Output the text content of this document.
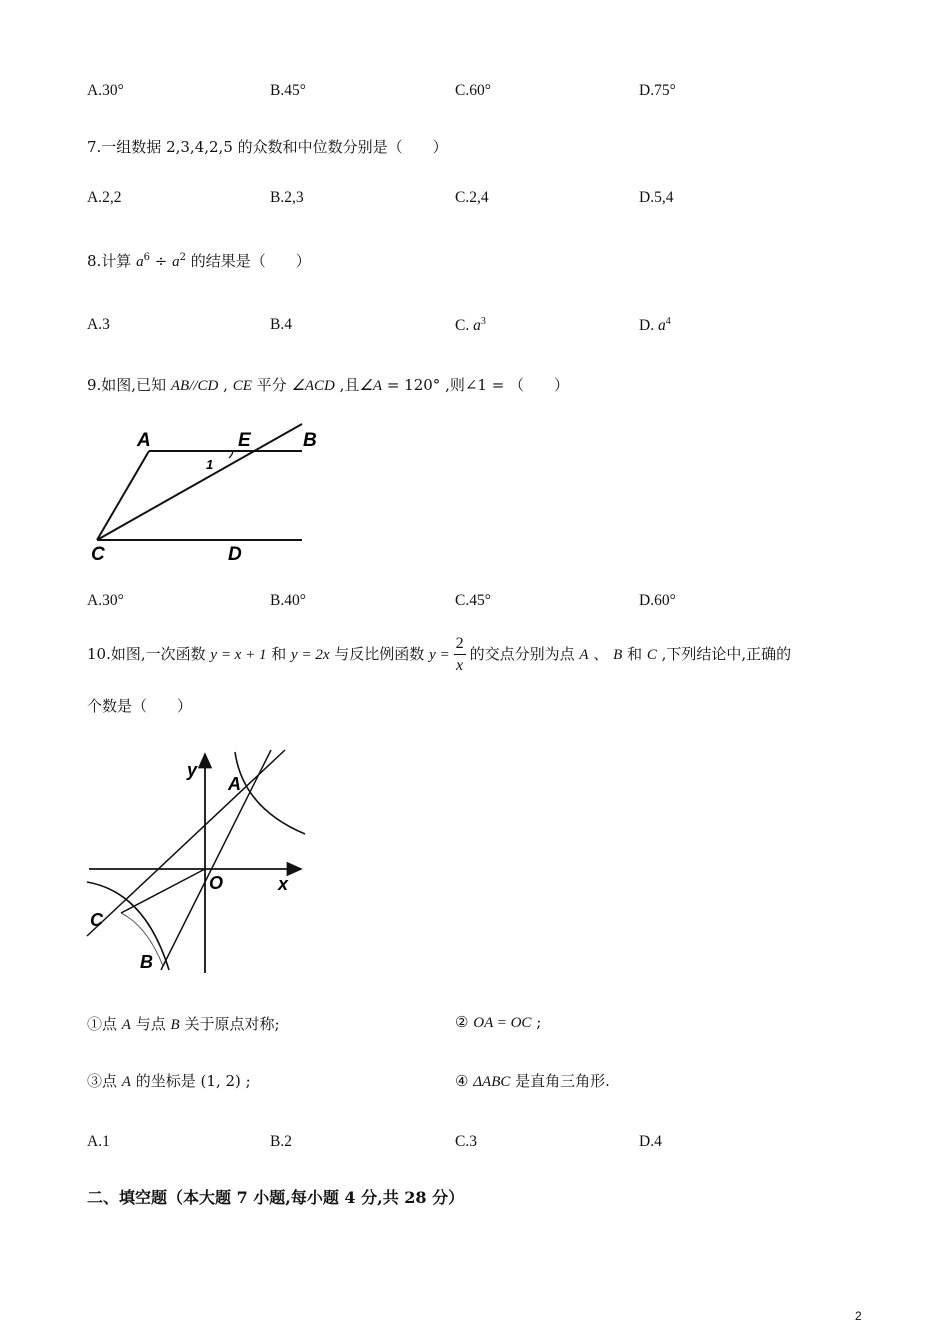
A.30°	B.45°	C.60°	D.75°
7.一组数据 2,3,4,2,5 的众数和中位数分别是（　　）
A.2,2	B.2,3	C.2,4	D.5,4
8.计算 $a^6 \div a^2$ 的结果是（　　）
A.3	B.4	C. $a^3$	D. $a^4$
9.如图,已知 AB//CD , CE 平分 ∠ACD ,且∠A = 120° ,则∠1 = （　　）
A	E	B
C	D
1
A.30°	B.40°	C.45°	D.60°
10.如图,一次函数 y = x + 1 和 y = 2x 与反比例函数 $y = \frac{2}{x}$ 的交点分别为点 A 、 B 和 C ,下列结论中,正确的
个数是（　　）
y
x
O
A
C
B
①点 A 与点 B 关于原点对称;	② OA = OC ;
③点 A 的坐标是 (1, 2) ;	④ ΔABC 是直角三角形.
A.1	B.2	C.3	D.4
二、填空题（本大题 7 小题,每小题 4 分,共 28 分）
2
